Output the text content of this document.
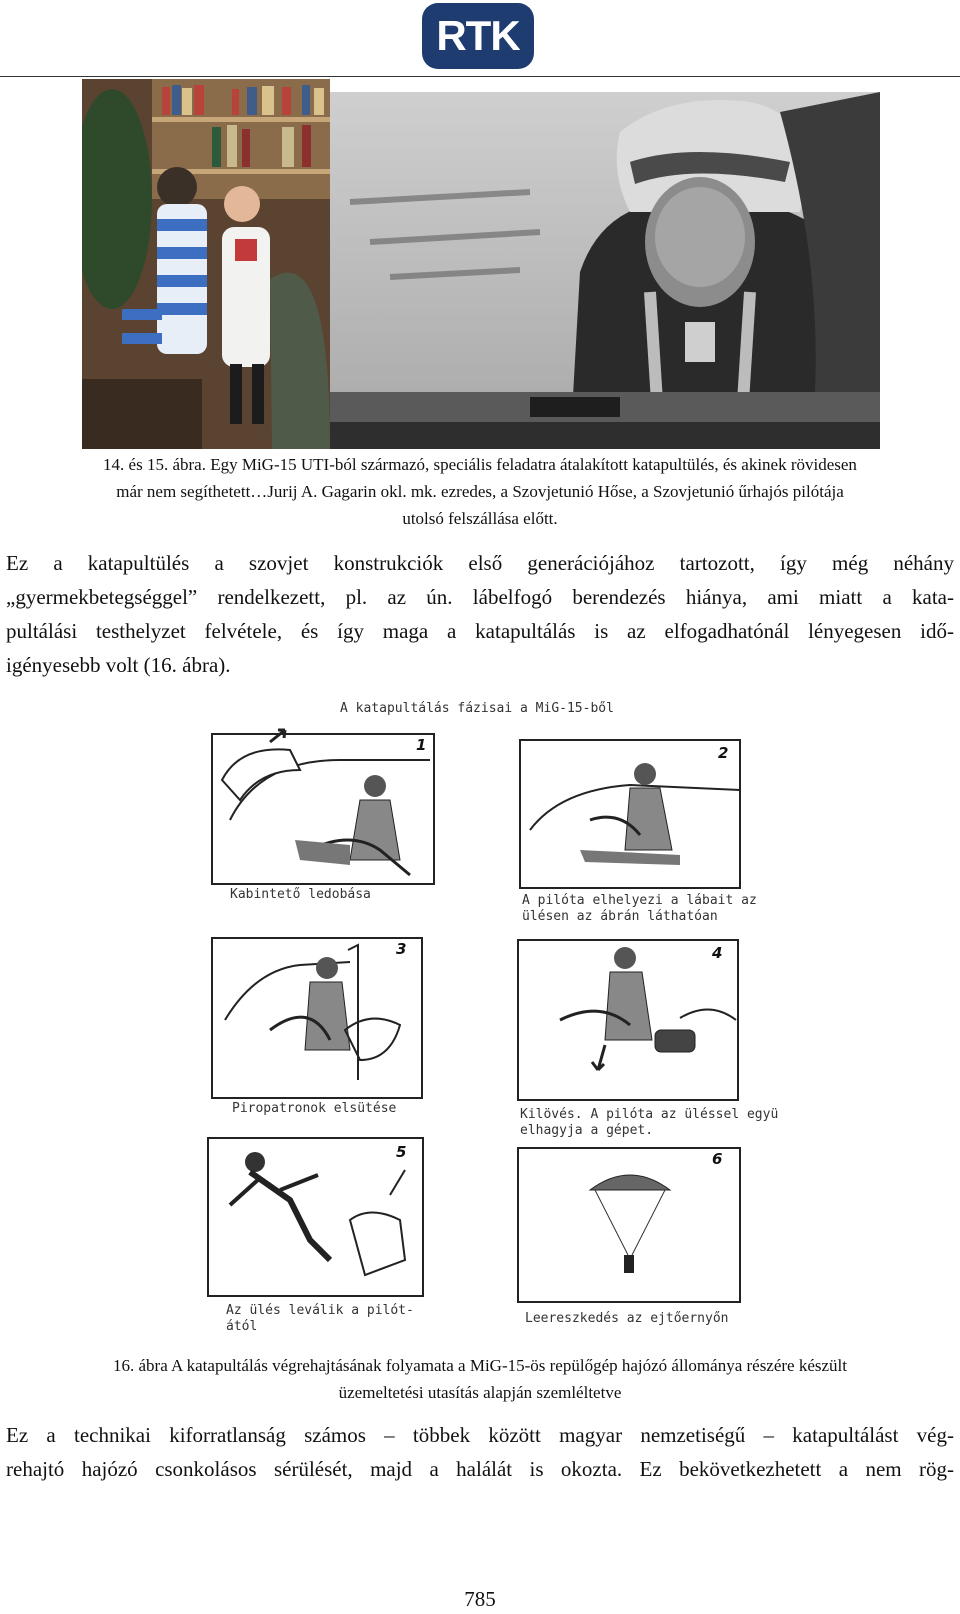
RTK
14. és 15. ábra. Egy MiG-15 UTI-ból származó, speciális feladatra átalakított katapultülés, és akinek rövidesen
már nem segíthetett…Jurij A. Gagarin okl. mk. ezredes, a Szovjetunió Hőse, a Szovjetunió űrhajós pilótája
utolsó felszállása előtt.
Ez a katapultülés a szovjet konstrukciók első generációjához tartozott, így még néhány
„gyermekbetegséggel” rendelkezett, pl. az ún. lábelfogó berendezés hiánya, ami miatt a kata-
pultálási testhelyzet felvétele, és így maga a katapultálás is az elfogadhatónál lényegesen idő-
igényesebb volt (16. ábra).
A katapultálás fázisai a MiG-15-ből
1
Kabintető ledobása
2
A pilóta elhelyezi a lábait az
ülésen az ábrán láthatóan
3
Piropatronok elsütése
4
Kilövés. A pilóta az üléssel együ
elhagyja a gépet.
5
Az ülés leválik a pilót-
ától
6
Leereszkedés az ejtőernyőn
16. ábra A katapultálás végrehajtásának folyamata a MiG-15-ös repülőgép hajózó állománya részére készült
üzemeltetési utasítás alapján szemléltetve
Ez a technikai kiforratlanság számos – többek között magyar nemzetiségű – katapultálást vég-
rehajtó hajózó csonkolásos sérülését, majd a halálát is okozta. Ez bekövetkezhetett a nem rög-
785
